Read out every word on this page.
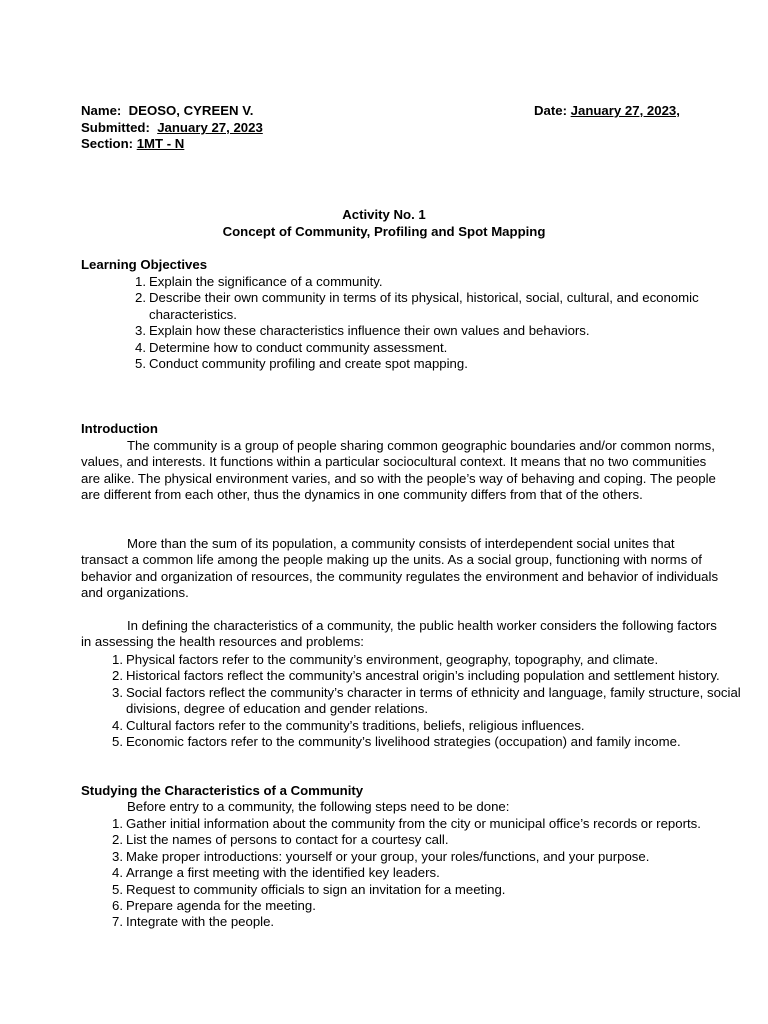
Name: DEOSO, CYREEN V.	Date: January 27, 2023,
Submitted: January 27, 2023
Section: 1MT - N
Activity No. 1
Concept of Community, Profiling and Spot Mapping
Learning Objectives
1. Explain the significance of a community.
2. Describe their own community in terms of its physical, historical, social, cultural, and economic characteristics.
3. Explain how these characteristics influence their own values and behaviors.
4. Determine how to conduct community assessment.
5. Conduct community profiling and create spot mapping.
Introduction
The community is a group of people sharing common geographic boundaries and/or common norms, values, and interests. It functions within a particular sociocultural context. It means that no two communities are alike. The physical environment varies, and so with the people’s way of behaving and coping. The people are different from each other, thus the dynamics in one community differs from that of the others.
More than the sum of its population, a community consists of interdependent social unites that transact a common life among the people making up the units. As a social group, functioning with norms of behavior and organization of resources, the community regulates the environment and behavior of individuals and organizations.
In defining the characteristics of a community, the public health worker considers the following factors in assessing the health resources and problems:
1. Physical factors refer to the community’s environment, geography, topography, and climate.
2. Historical factors reflect the community’s ancestral origin’s including population and settlement history.
3. Social factors reflect the community’s character in terms of ethnicity and language, family structure, social divisions, degree of education and gender relations.
4. Cultural factors refer to the community’s traditions, beliefs, religious influences.
5. Economic factors refer to the community’s livelihood strategies (occupation) and family income.
Studying the Characteristics of a Community
Before entry to a community, the following steps need to be done:
1. Gather initial information about the community from the city or municipal office’s records or reports.
2. List the names of persons to contact for a courtesy call.
3. Make proper introductions: yourself or your group, your roles/functions, and your purpose.
4. Arrange a first meeting with the identified key leaders.
5. Request to community officials to sign an invitation for a meeting.
6. Prepare agenda for the meeting.
7. Integrate with the people.
